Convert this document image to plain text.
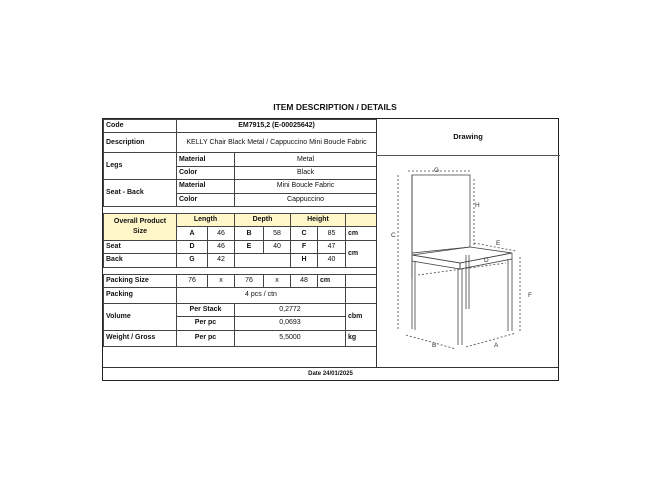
ITEM DESCRIPTION / DETAILS
Code	EM7915,2 (E-00025642)						
Description	KELLY Chair Black Metal / Cappuccino Mini Boucle Fabric						
Legs	Material		Metal				
	Color		Black				
Seat - Back	Material		Mini Boucle Fabric				
	Color		Cappuccino				

Overall Product Size	Length		Depth		Height		
	A	46	B	58	C	85	cm
Seat	D	46	E	40	F	47	cm
Back	G	42			H	40	

Packing Size	76	x	76	x	48	cm	
Packing	4 pcs / ctn						
Volume	Per Stack		0,2772				cbm
	Per pc		0,0693				
Weight / Gross	Per pc		5,5000				kg
Drawing
G
H
C
E
D
F
B	A
Date 24/01/2025
